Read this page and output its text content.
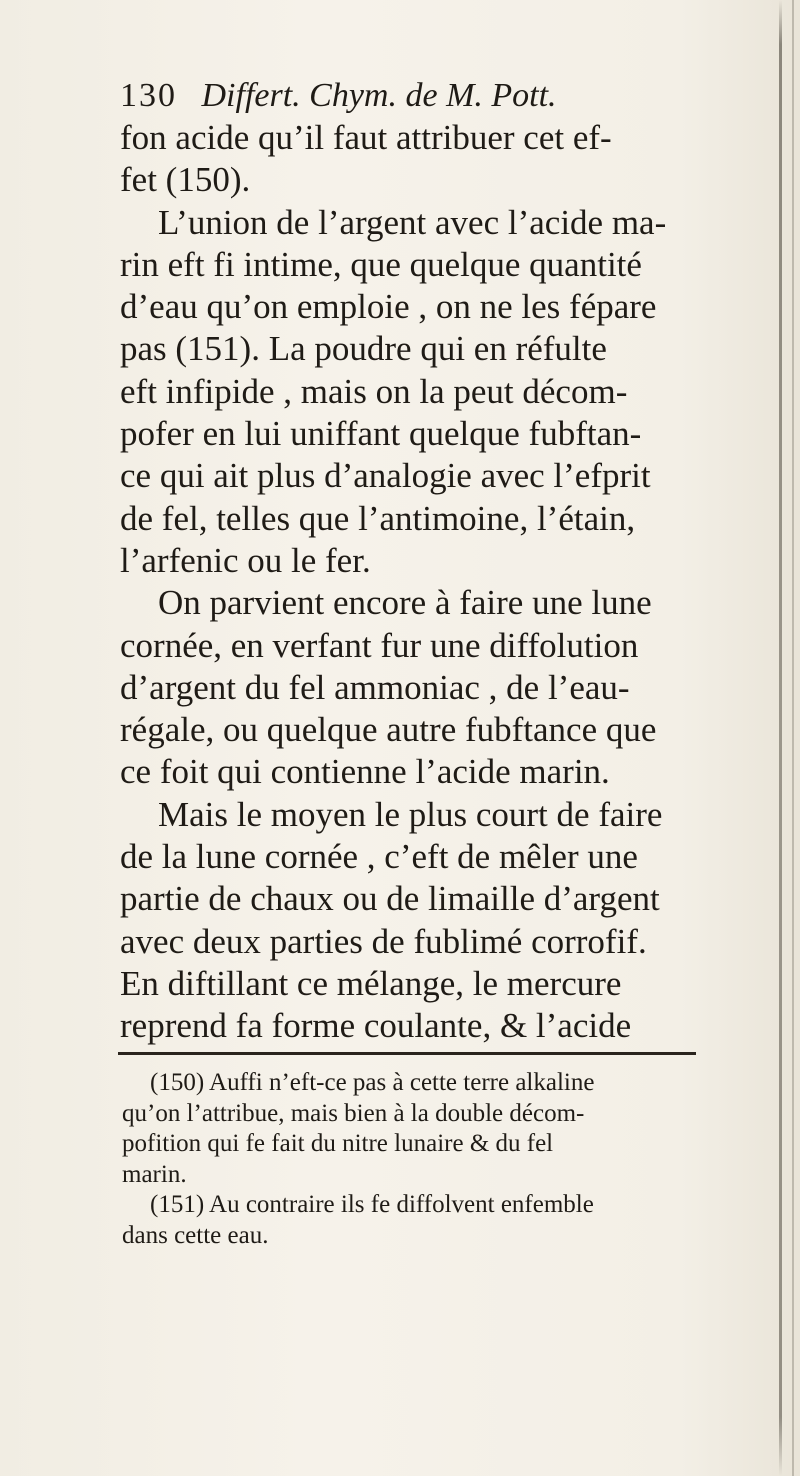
130 Differt. Chym. de M. Pott.
fon acide qu’il faut attribuer cet ef-
fet (150).
L’union de l’argent avec l’acide ma-
rin eft fi intime, que quelque quantité
d’eau qu’on emploie , on ne les fépare
pas (151). La poudre qui en réfulte
eft infipide , mais on la peut décom-
pofer en lui uniffant quelque fubftan-
ce qui ait plus d’analogie avec l’efprit
de fel, telles que l’antimoine, l’étain,
l’arfenic ou le fer.
On parvient encore à faire une lune
cornée, en verfant fur une diffolution
d’argent du fel ammoniac , de l’eau-
régale, ou quelque autre fubftance que
ce foit qui contienne l’acide marin.
Mais le moyen le plus court de faire
de la lune cornée , c’eft de mêler une
partie de chaux ou de limaille d’argent
avec deux parties de fublimé corrofif.
En diftillant ce mélange, le mercure
reprend fa forme coulante, & l’acide
(150) Auffi n’eft-ce pas à cette terre alkaline
qu’on l’attribue, mais bien à la double décom-
pofition qui fe fait du nitre lunaire & du fel
marin.
(151) Au contraire ils fe diffolvent enfemble
dans cette eau.
